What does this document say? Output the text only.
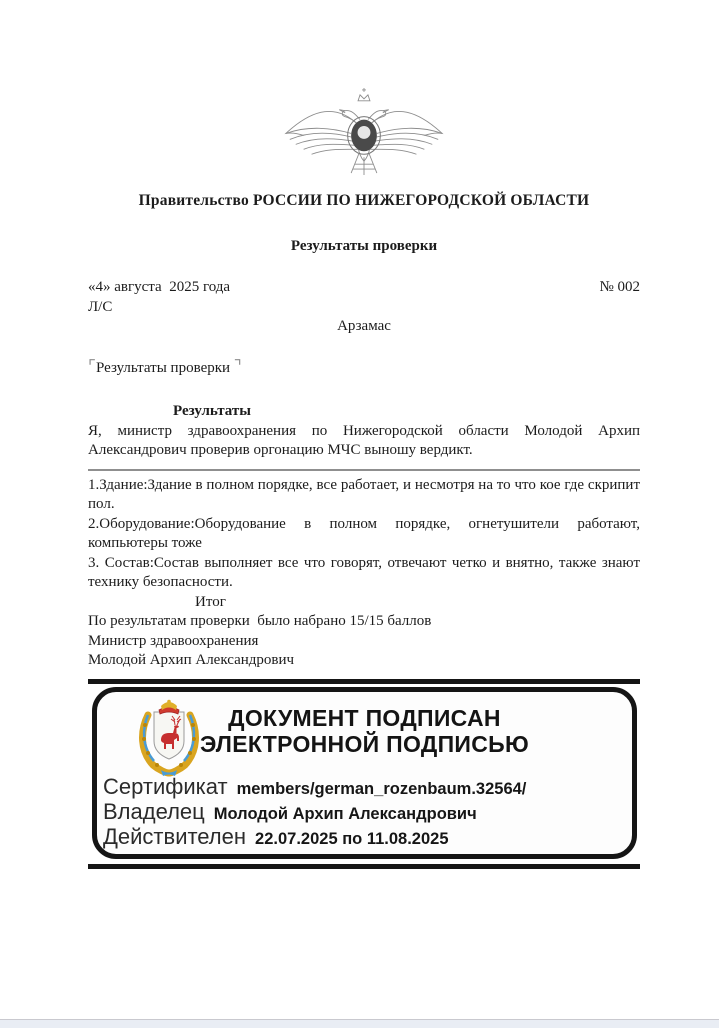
Правительство РОССИИ ПО НИЖЕГОРОДСКОЙ ОБЛАСТИ
Результаты проверки
«4» августа  2025 года	№ 002
Л/С
Арзамас
⌜Результаты проверки ⌝
Результаты

Я, министр здравоохранения по Нижегородской области Молодой Архип Александрович проверив оргонацию МЧС выношу вердикт.

1.Здание:Здание в полном порядке, все работает, и несмотря на то что кое где скрипит пол.

2.Оборудование:Оборудование в полном порядке, огнетушители работают, компьютеры тоже

3. Состав:Состав выполняет все что говорят, отвечают четко и внятно, также знают технику безопасности.

Итог
По результатам проверки  было набрано 15/15 баллов
Министр здравоохранения
Молодой Архип Александрович
ДОКУМЕНТ ПОДПИСАН
ЭЛЕКТРОННОЙ ПОДПИСЬЮ
Сертификат members/german_rozenbaum.32564/
Владелец Молодой Архип Александрович
Действителен 22.07.2025 по 11.08.2025
